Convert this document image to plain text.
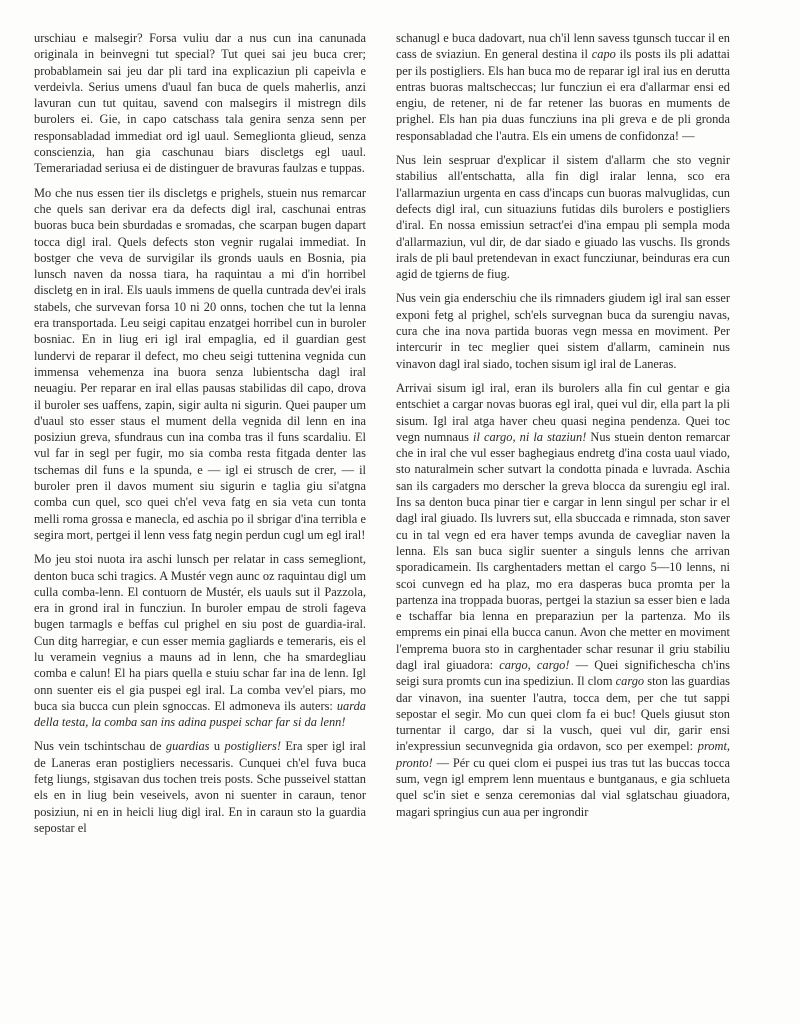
urschiau e malsegir? Forsa vuliu dar a nus cun ina canunada originala in beinvegni tut special? Tut quei sai jeu buca crer; probablamein sai jeu dar pli tard ina explicaziun pli capeivla e verdeivla. Serius umens d'uaul fan buca de quels maherlis, anzi lavuran cun tut quitau, savend con malsegirs il mistregn dils burolers ei. Gie, in capo catschass tala genira senza senn per responsabladad immediat ord igl uaul. Semeglionta glieud, senza conscienzia, han gia caschunau biars discletgs egl uaul. Temerariadad seriusa ei de distinguer de bravuras faulzas e tuppas.

Mo che nus essen tier ils discletgs e prighels, stuein nus remarcar che quels san derivar era da defects digl iral, caschunai entras buoras buca bein sburdadas e sromadas, che scarpan bugen dapart tocca digl iral. Quels defects ston vegnir rugalai immediat. In bostger che veva de survigilar ils gronds uauls en Bosnia, pia lunsch naven da nossa tiara, ha raquintau a mi d'in horribel discletg en in iral. Els uauls immens de quella cuntrada dev'ei irals stabels, che survevan forsa 10 ni 20 onns, tochen che tut la lenna era transportada. Leu seigi capitau enzatgei horribel cun in buroler bosniac. En in liug eri igl iral empaglia, ed il guardian gest lundervi de reparar il defect, mo cheu seigi tuttenina vegnida cun immensa vehemenza ina buora senza lubientscha dagl iral neuagiu. Per reparar en iral ellas pausas stabilidas dil capo, drova il buroler ses uaffens, zapin, sigir aulta ni sigurin. Quei pauper um d'uaul sto esser staus el mument della vegnida dil lenn en ina posiziun greva, sfundraus cun ina comba tras il funs scardaliu. El vul far in segl per fugir, mo sia comba resta fitgada denter las tschemas dil funs e la spunda, e — igl ei strusch de crer, — il buroler pren il davos mument siu sigurin e taglia giu si'atgna comba cun quel, sco quei ch'el veva fatg en sia veta cun tonta melli roma grossa e manecla, ed aschia po il sbrigar d'ina terribla e segira mort, pertgei il lenn vess fatg negin perdun cugl um egl iral!

Mo jeu stoi nuota ira aschi lunsch per relatar in cass semegliont, denton buca schi tragics. A Mustér vegn aunc oz raquintau digl um culla comba-lenn. El contuorn de Mustér, els uauls sut il Pazzola, era in grond iral in funcziun. In buroler empau de stroli fageva bugen tarmagls e beffas cul prighel en siu post de guardia-iral. Cun ditg harregiar, e cun esser memia gagliards e temeraris, eis el lu veramein vegnius a mauns ad in lenn, che ha smardegliau comba e calun! El ha piars quella e stuiu schar far ina de lenn. Igl onn suenter eis el gia puspei egl iral. La comba vev'el piars, mo buca sia bucca cun plein sgnoccas. El admoneva ils auters: uarda della testa, la comba san ins adina puspei schar far si da lenn!

Nus vein tschintschau de guardias u postigliers! Era sper igl iral de Laneras eran postigliers necessaris. Cunquei ch'el fuva buca fetg liungs, stgisavan dus tochen treis posts. Sche pusseivel stattan els en in liug bein veseivels, avon ni suenter in caraun, tenor posiziun, ni en in heicli liug digl iral. En in caraun sto la guardia sepostar el

schanugl e buca dadovart, nua ch'il lenn savess tgunsch tuccar il en cass de sviaziun. En general destina il capo ils posts ils pli adattai per ils postigliers. Els han buca mo de reparar igl iral ius en derutta entras buoras maltscheccas; lur funcziun ei era d'allarmar ensi ed engiu, de retener, ni de far retener las buoras en muments de prighel. Els han pia duas funcziuns ina pli greva e de pli gronda responsabladad che l'autra. Els ein umens de confidonza! —

Nus lein sespruar d'explicar il sistem d'allarm che sto vegnir stabilius all'entschatta, alla fin digl iralar lenna, sco era l'allarmaziun urgenta en cass d'incaps cun buoras malvuglidas, cun defects digl iral, cun situaziuns futidas dils burolers e postigliers d'iral. En nossa emissiun setract'ei d'ina empau pli sempla moda d'allarmaziun, vul dir, de dar siado e giuado las vuschs. Ils gronds irals de pli baul pretendevan in exact funcziunar, beinduras era cun agid de tgierns de fiug.

Nus vein gia enderschiu che ils rimnaders giudem igl iral san esser exponi fetg al prighel, sch'els survegnan buca da surengiu navas, cura che ina nova partida buoras vegn messa en moviment. Per intercurir in tec meglier quei sistem d'allarm, caminein nus vinavon dagl iral siado, tochen sisum igl iral de Laneras.

Arrivai sisum igl iral, eran ils burolers alla fin cul gentar e gia entschiet a cargar novas buoras egl iral, quei vul dir, ella part la pli sisum. Igl iral atga haver cheu quasi negina pendenza. Quei toc vegn numnaus il cargo, ni la staziun! Nus stuein denton remarcar che in iral che vul esser baghegiaus endretg d'ina costa uaul viado, sto naturalmein scher sutvart la condotta pinada e luvrada. Aschia san ils cargaders mo derscher la greva blocca da surengiu egl iral. Ins sa denton buca pinar tier e cargar in lenn singul per schar ir el dagl iral giuado. Ils luvrers sut, ella sbuccada e rimnada, ston saver cu in tal vegn ed era haver temps avunda de cavegliar naven la lenna. Els san buca siglir suenter a singuls lenns che arrivan sporadicamein. Ils carghentaders mettan el cargo 5—10 lenns, ni scoi cunvegn ed ha plaz, mo era dasperas buca promta per la partenza ina troppada buoras, pertgei la staziun sa esser bien e lada e tschaffar bia lenna en preparaziun per la partenza. Mo ils emprems ein pinai ella bucca canun. Avon che metter en moviment l'emprema buora sto in carghentader schar resunar il griu stabiliu dagl iral giuadora: cargo, cargo! — Quei significhescha ch'ins seigi sura promts cun ina spediziun. Il clom cargo ston las guardias dar vinavon, ina suenter l'autra, tocca dem, per che tut sappi sepostar el segir. Mo cun quei clom fa ei buc! Quels giusut ston turnentar il cargo, dar si la vusch, quei vul dir, garir ensi in'expressiun secunvegnida gia ordavon, sco per exempel: promt, pronto! — Pér cu quei clom ei puspei ius tras tut las buccas tocca sum, vegn igl emprem lenn muentaus e buntganaus, e gia schlueta quel sc'in siet e senza ceremonias dal vial sglatschau giuadora, magari springius cun aua per ingrondir
